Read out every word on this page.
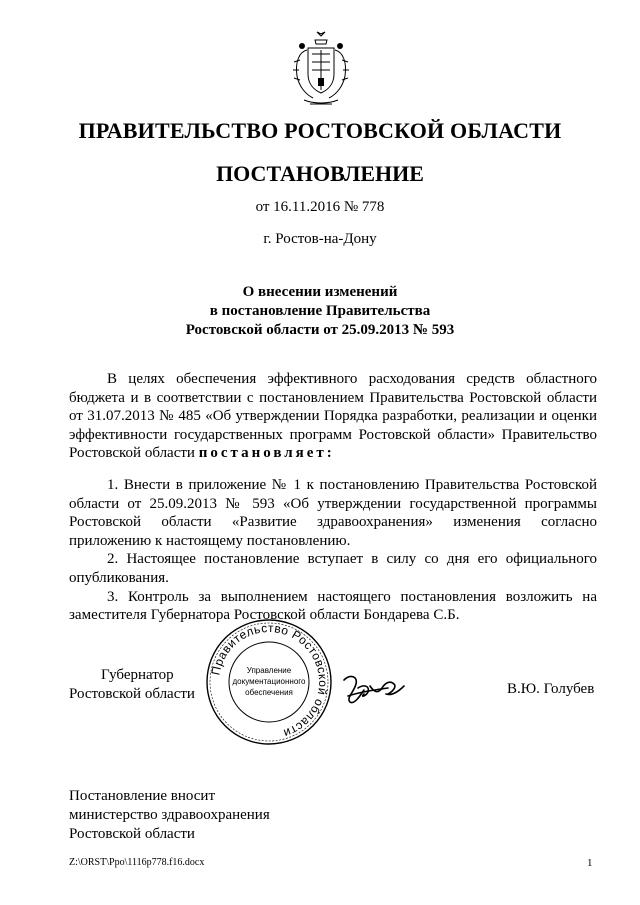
ПРАВИТЕЛЬСТВО РОСТОВСКОЙ ОБЛАСТИ
ПОСТАНОВЛЕНИЕ
от 16.11.2016 № 778
г. Ростов-на-Дону
О внесении изменений
в постановление Правительства
Ростовской области от 25.09.2013 № 593

В целях обеспечения эффективного расходования средств областного бюджета и в соответствии с постановлением Правительства Ростовской области от 31.07.2013 № 485 «Об утверждении Порядка разработки, реализации и оценки эффективности государственных программ Ростовской области» Правительство Ростовской области постановляет:

1. Внести в приложение № 1 к постановлению Правительства Ростовской области от 25.09.2013 № 593 «Об утверждении государственной программы Ростовской области «Развитие здравоохранения» изменения согласно приложению к настоящему постановлению.

2. Настоящее постановление вступает в силу со дня его официального опубликования.

3. Контроль за выполнением настоящего постановления возложить на заместителя Губернатора Ростовской области Бондарева С.Б.

Губернатор
Ростовской области
Правительство Ростовской области
Управление
документационного
обеспечения	В.Ю. Голубев
Постановление вносит
министерство здравоохранения
Ростовской области
Z:\ORST\Ppo\1116p778.f16.docx	1
